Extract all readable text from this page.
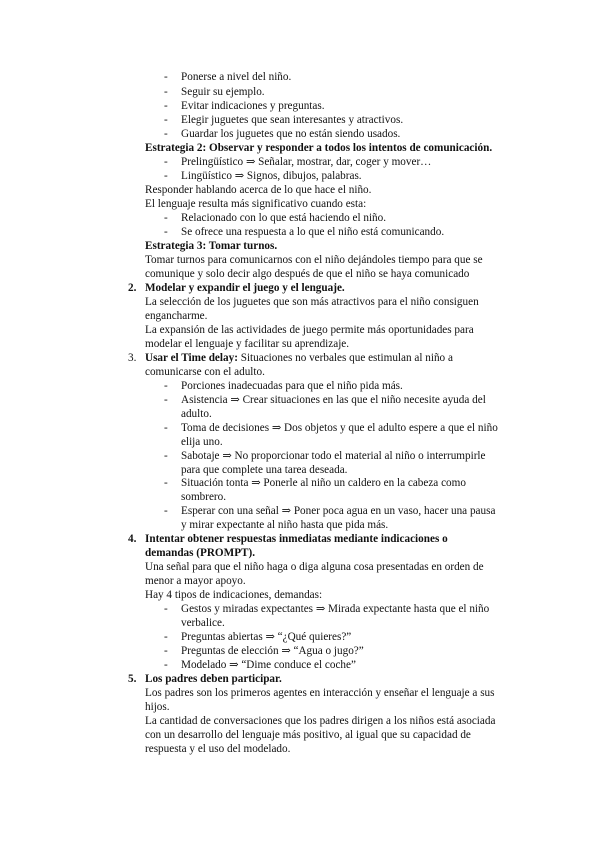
- Ponerse a nivel del niño.
- Seguir su ejemplo.
- Evitar indicaciones y preguntas.
- Elegir juguetes que sean interesantes y atractivos.
- Guardar los juguetes que no están siendo usados.
Estrategia 2: Observar y responder a todos los intentos de comunicación.
- Prelingüístico ⇒ Señalar, mostrar, dar, coger y mover…
- Lingüístico ⇒ Signos, dibujos, palabras.
Responder hablando acerca de lo que hace el niño.
El lenguaje resulta más significativo cuando esta:
- Relacionado con lo que está haciendo el niño.
- Se ofrece una respuesta a lo que el niño está comunicando.
Estrategia 3: Tomar turnos.
Tomar turnos para comunicarnos con el niño dejándoles tiempo para que se
comunique y solo decir algo después de que el niño se haya comunicado
2. Modelar y expandir el juego y el lenguaje.
La selección de los juguetes que son más atractivos para el niño consiguen
engancharme.
La expansión de las actividades de juego permite más oportunidades para
modelar el lenguaje y facilitar su aprendizaje.
3. Usar el Time delay: Situaciones no verbales que estimulan al niño a
comunicarse con el adulto.
- Porciones inadecuadas para que el niño pida más.
- Asistencia ⇒ Crear situaciones en las que el niño necesite ayuda del
adulto.
- Toma de decisiones ⇒ Dos objetos y que el adulto espere a que el niño
elija uno.
- Sabotaje ⇒ No proporcionar todo el material al niño o interrumpirle
para que complete una tarea deseada.
- Situación tonta ⇒ Ponerle al niño un caldero en la cabeza como
sombrero.
- Esperar con una señal ⇒ Poner poca agua en un vaso, hacer una pausa
y mirar expectante al niño hasta que pida más.
4. Intentar obtener respuestas inmediatas mediante indicaciones o
demandas (PROMPT).
Una señal para que el niño haga o diga alguna cosa presentadas en orden de
menor a mayor apoyo.
Hay 4 tipos de indicaciones, demandas:
- Gestos y miradas expectantes ⇒ Mirada expectante hasta que el niño
verbalice.
- Preguntas abiertas ⇒ “¿Qué quieres?”
- Preguntas de elección ⇒ “Agua o jugo?”
- Modelado ⇒ “Dime conduce el coche”
5. Los padres deben participar.
Los padres son los primeros agentes en interacción y enseñar el lenguaje a sus
hijos.
La cantidad de conversaciones que los padres dirigen a los niños está asociada
con un desarrollo del lenguaje más positivo, al igual que su capacidad de
respuesta y el uso del modelado.
